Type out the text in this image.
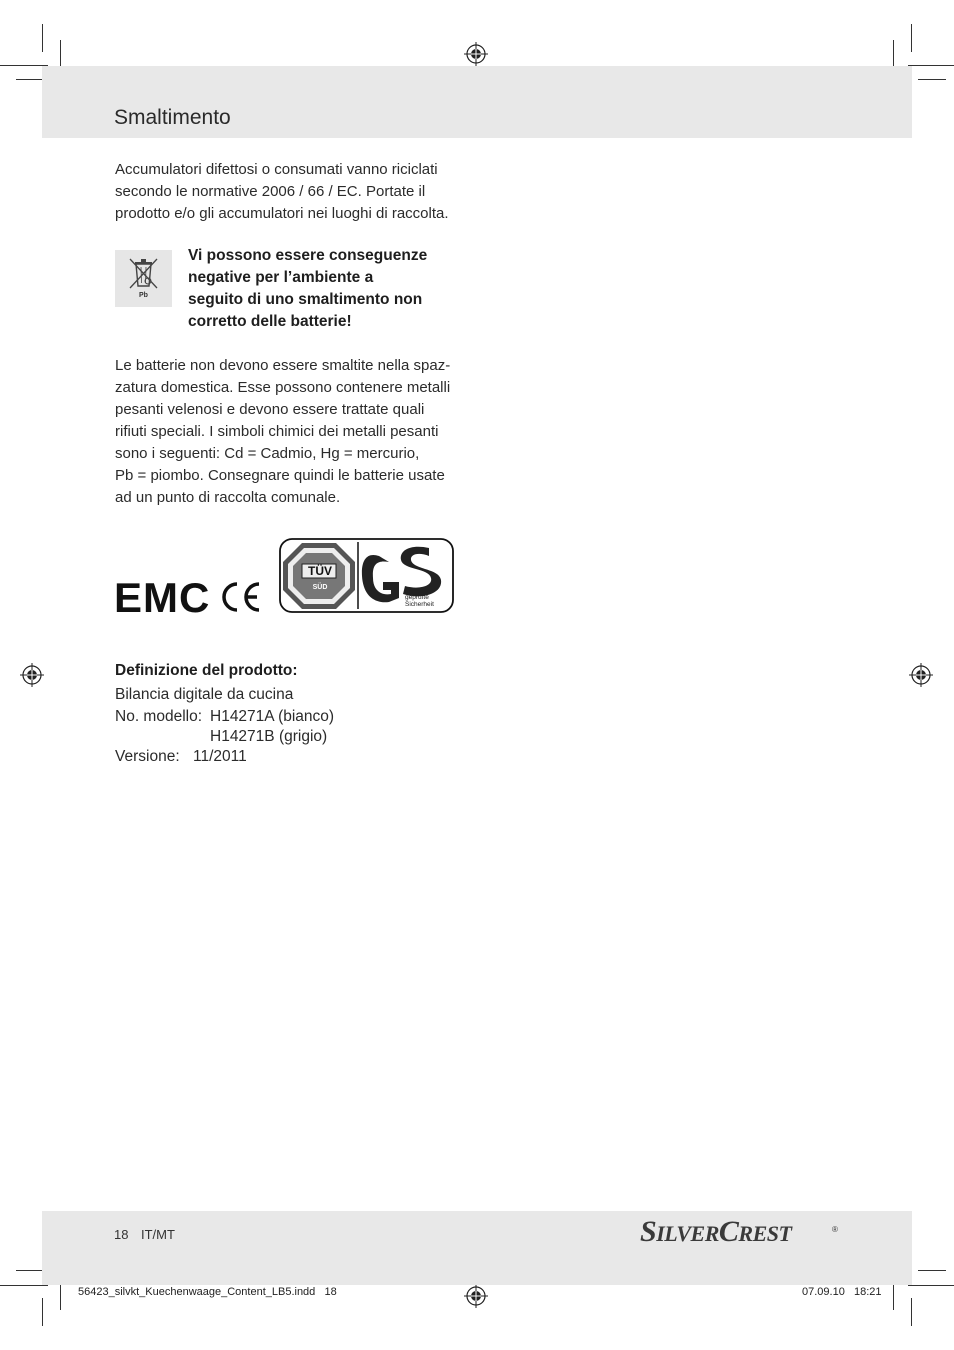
Smaltimento
Accumulatori difettosi o consumati vanno riciclati secondo le normative 2006 / 66 / EC. Portate il prodotto e/o gli accumulatori nei luoghi di raccolta.
Pb
Vi possono essere conseguenze
negative per l’ambiente a
seguito di uno smaltimento non
corretto delle batterie!
Le batterie non devono essere smaltite nella spaz-
zatura domestica. Esse possono contenere metalli
pesanti velenosi e devono essere trattate quali
rifiuti speciali. I simboli chimici dei metalli pesanti
sono i seguenti: Cd = Cadmio, Hg = mercurio,
Pb = piombo. Consegnare quindi le batterie usate
ad un punto di raccolta comunale.
EMC
TÜV
SÜD
geprüfte
Sicherheit
Definizione del prodotto:
Bilancia digitale da cucina
No. modello: H14271A (bianco)
H14271B (grigio)
Versione: 11/2011
18 IT/MT	SILVERCREST	®
56423_silvkt_Kuechenwaage_Content_LB5.indd   18	07.09.10   18:21
